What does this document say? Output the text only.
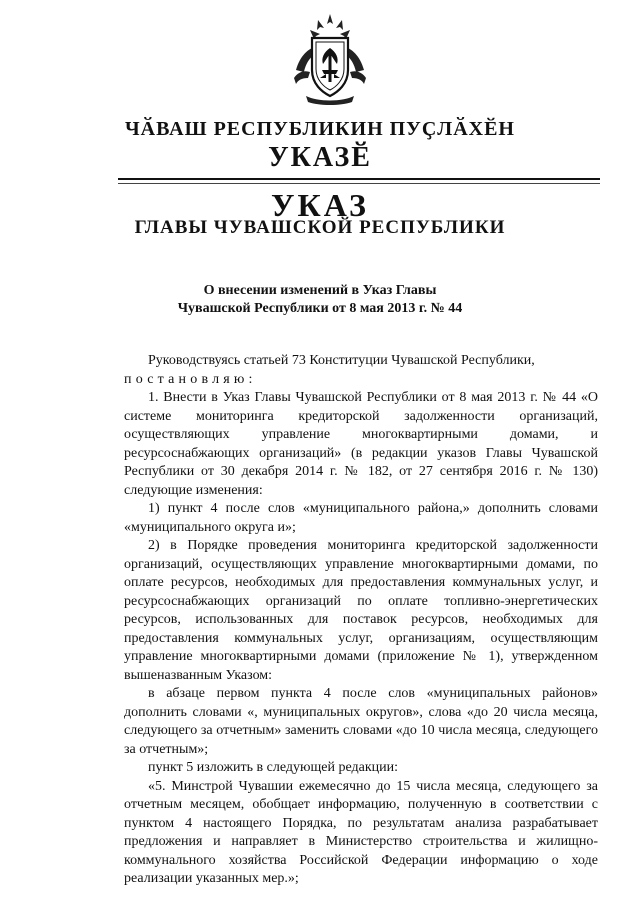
ЧӐВАШ РЕСПУБЛИКИН ПУҪЛӐХӖН
УКАЗӖ
УКАЗ
ГЛАВЫ ЧУВАШСКОЙ РЕСПУБЛИКИ
О внесении изменений в Указ Главы
Чувашской Республики от 8 мая 2013 г. № 44

Руководствуясь статьей 73 Конституции Чувашской Республики,

постановляю:

1. Внести в Указ Главы Чувашской Республики от 8 мая 2013 г. № 44 «О системе мониторинга кредиторской задолженности организаций, осуществляющих управление многоквартирными домами, и ресурсоснабжающих организаций» (в редакции указов Главы Чувашской Республики от 30 декабря 2014 г. № 182, от 27 сентября 2016 г. № 130) следующие изменения:

1) пункт 4 после слов «муниципального района,» дополнить словами «муниципального округа и»;

2) в Порядке проведения мониторинга кредиторской задолженности организаций, осуществляющих управление многоквартирными домами, по оплате ресурсов, необходимых для предоставления коммунальных услуг, и ресурсоснабжающих организаций по оплате топливно-энергетических ресурсов, использованных для поставок ресурсов, необходимых для предоставления коммунальных услуг, организациям, осуществляющим управление многоквартирными домами (приложение № 1), утвержденном вышеназванным Указом:

в абзаце первом пункта 4 после слов «муниципальных районов» дополнить словами «, муниципальных округов», слова «до 20 числа месяца, следующего за отчетным» заменить словами «до 10 числа месяца, следующего за отчетным»;

пункт 5 изложить в следующей редакции:

«5. Минстрой Чувашии ежемесячно до 15 числа месяца, следующего за отчетным месяцем, обобщает информацию, полученную в соответствии с пунктом 4 настоящего Порядка, по результатам анализа разрабатывает предложения и направляет в Министерство строительства и жилищно-коммунального хозяйства Российской Федерации информацию о ходе реализации указанных мер.»;
